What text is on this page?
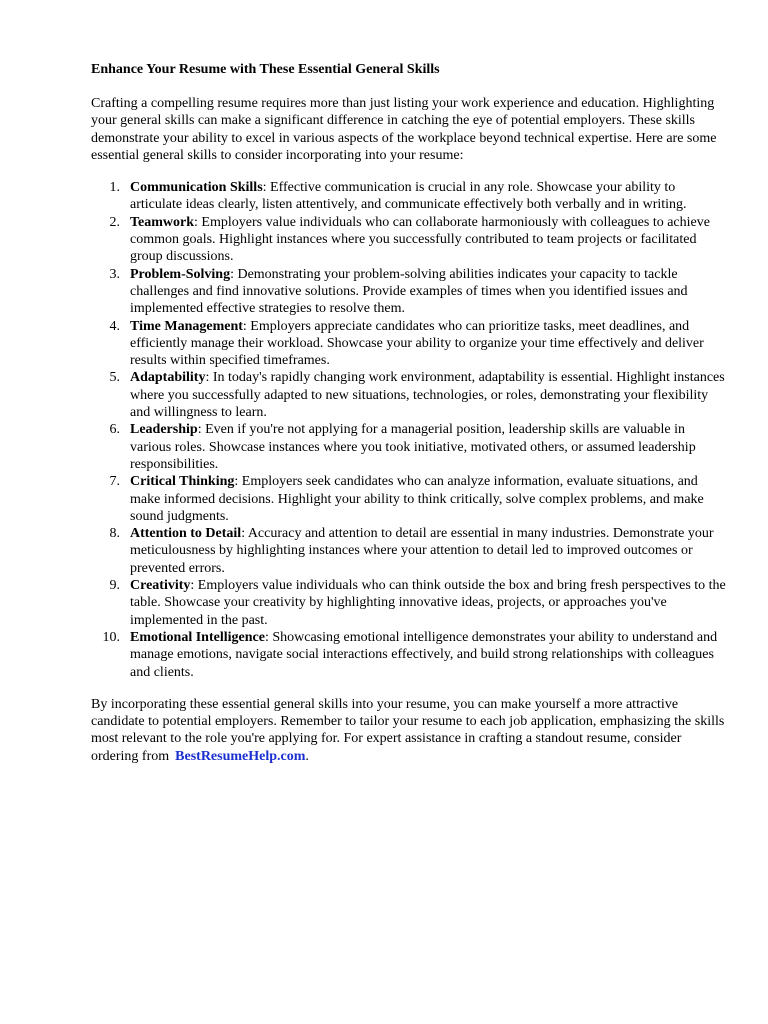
Enhance Your Resume with These Essential General Skills

Crafting a compelling resume requires more than just listing your work experience and education. Highlighting your general skills can make a significant difference in catching the eye of potential employers. These skills demonstrate your ability to excel in various aspects of the workplace beyond technical expertise. Here are some essential general skills to consider incorporating into your resume:

1. Communication Skills: Effective communication is crucial in any role. Showcase your ability to articulate ideas clearly, listen attentively, and communicate effectively both verbally and in writing.
2. Teamwork: Employers value individuals who can collaborate harmoniously with colleagues to achieve common goals. Highlight instances where you successfully contributed to team projects or facilitated group discussions.
3. Problem-Solving: Demonstrating your problem-solving abilities indicates your capacity to tackle challenges and find innovative solutions. Provide examples of times when you identified issues and implemented effective strategies to resolve them.
4. Time Management: Employers appreciate candidates who can prioritize tasks, meet deadlines, and efficiently manage their workload. Showcase your ability to organize your time effectively and deliver results within specified timeframes.
5. Adaptability: In today's rapidly changing work environment, adaptability is essential. Highlight instances where you successfully adapted to new situations, technologies, or roles, demonstrating your flexibility and willingness to learn.
6. Leadership: Even if you're not applying for a managerial position, leadership skills are valuable in various roles. Showcase instances where you took initiative, motivated others, or assumed leadership responsibilities.
7. Critical Thinking: Employers seek candidates who can analyze information, evaluate situations, and make informed decisions. Highlight your ability to think critically, solve complex problems, and make sound judgments.
8. Attention to Detail: Accuracy and attention to detail are essential in many industries. Demonstrate your meticulousness by highlighting instances where your attention to detail led to improved outcomes or prevented errors.
9. Creativity: Employers value individuals who can think outside the box and bring fresh perspectives to the table. Showcase your creativity by highlighting innovative ideas, projects, or approaches you've implemented in the past.
10. Emotional Intelligence: Showcasing emotional intelligence demonstrates your ability to understand and manage emotions, navigate social interactions effectively, and build strong relationships with colleagues and clients.

By incorporating these essential general skills into your resume, you can make yourself a more attractive candidate to potential employers. Remember to tailor your resume to each job application, emphasizing the skills most relevant to the role you're applying for. For expert assistance in crafting a standout resume, consider ordering from BestResumeHelp.com.
